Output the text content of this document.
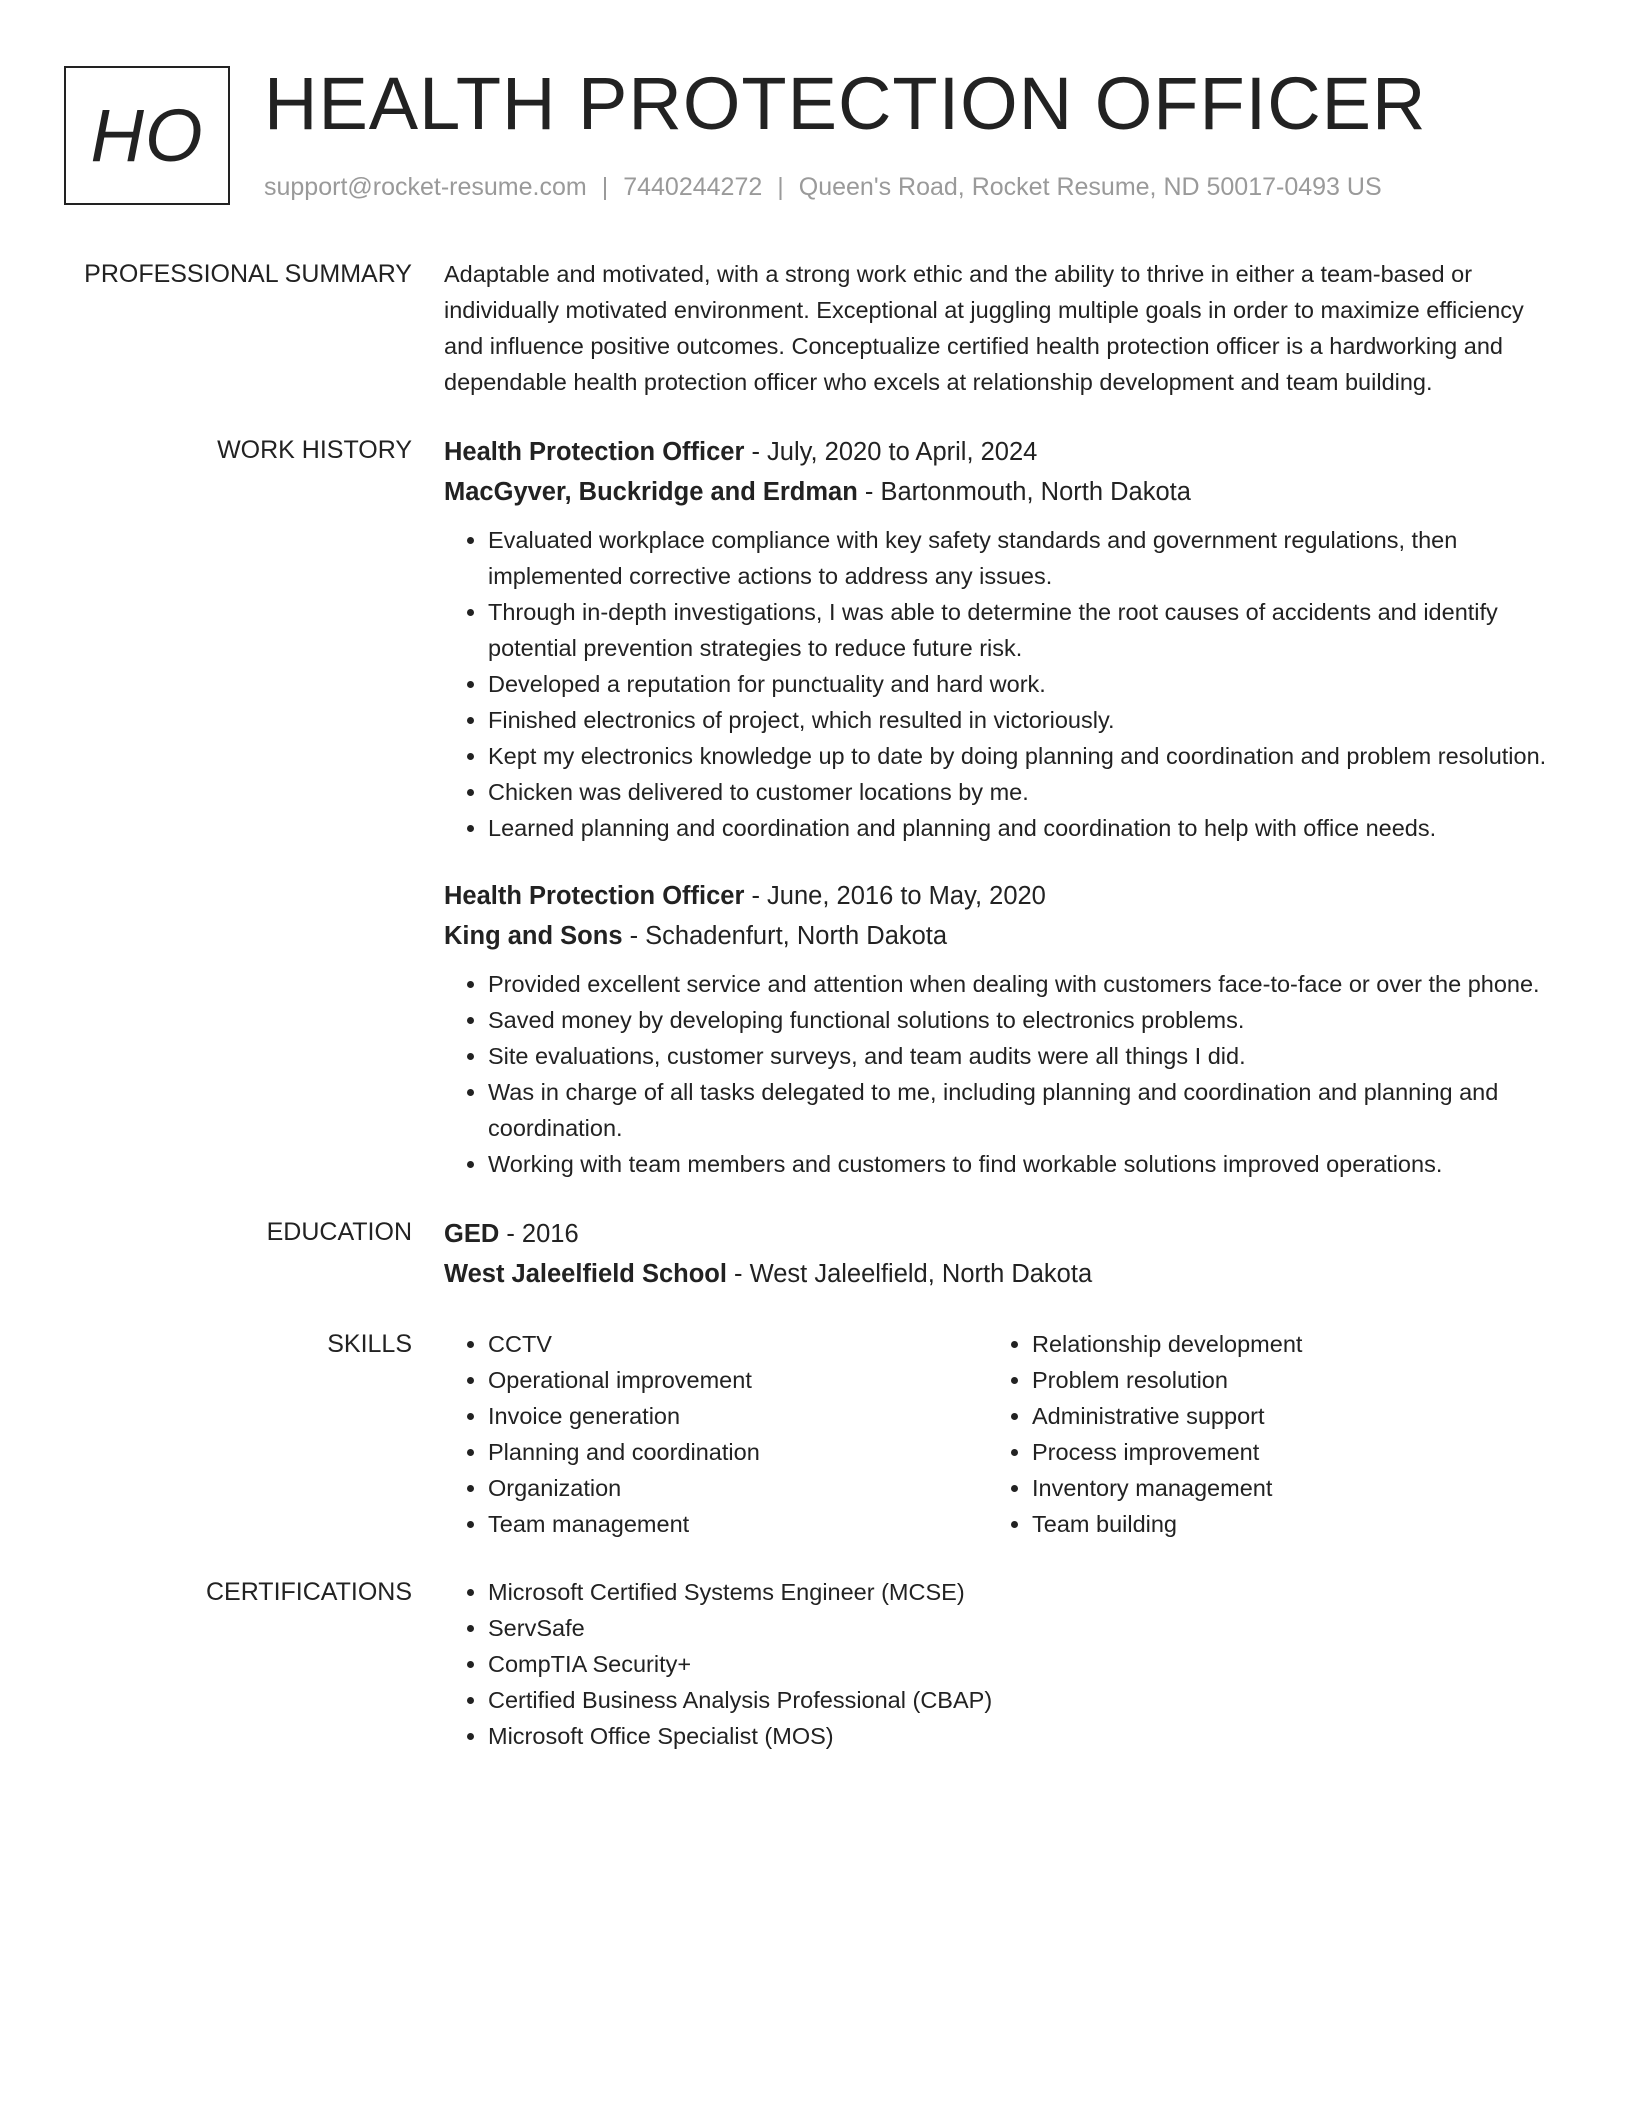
HO HEALTH PROTECTION OFFICER
support@rocket-resume.com | 7440244272 | Queen's Road, Rocket Resume, ND 50017-0493 US
PROFESSIONAL SUMMARY Adaptable and motivated, with a strong work ethic and the ability to thrive in either a team-based or individually motivated environment. Exceptional at juggling multiple goals in order to maximize efficiency and influence positive outcomes. Conceptualize certified health protection officer is a hardworking and dependable health protection officer who excels at relationship development and team building.

WORK HISTORY Health Protection Officer - July, 2020 to April, 2024
MacGyver, Buckridge and Erdman - Bartonmouth, North Dakota
• Evaluated workplace compliance with key safety standards and government regulations, then implemented corrective actions to address any issues.
• Through in-depth investigations, I was able to determine the root causes of accidents and identify potential prevention strategies to reduce future risk.
• Developed a reputation for punctuality and hard work.
• Finished electronics of project, which resulted in victoriously.
• Kept my electronics knowledge up to date by doing planning and coordination and problem resolution.
• Chicken was delivered to customer locations by me.
• Learned planning and coordination and planning and coordination to help with office needs.
Health Protection Officer - June, 2016 to May, 2020
King and Sons - Schadenfurt, North Dakota
• Provided excellent service and attention when dealing with customers face-to-face or over the phone.
• Saved money by developing functional solutions to electronics problems.
• Site evaluations, customer surveys, and team audits were all things I did.
• Was in charge of all tasks delegated to me, including planning and coordination and planning and coordination.
• Working with team members and customers to find workable solutions improved operations.
EDUCATION GED - 2016
West Jaleelfield School - West Jaleelfield, North Dakota
SKILLS	• CCTV
• Operational improvement
• Invoice generation
• Planning and coordination
• Organization
• Team management
• Relationship development
• Problem resolution
• Administrative support
• Process improvement
• Inventory management
• Team building
CERTIFICATIONS	• Microsoft Certified Systems Engineer (MCSE)
• ServSafe
• CompTIA Security+
• Certified Business Analysis Professional (CBAP)
• Microsoft Office Specialist (MOS)
